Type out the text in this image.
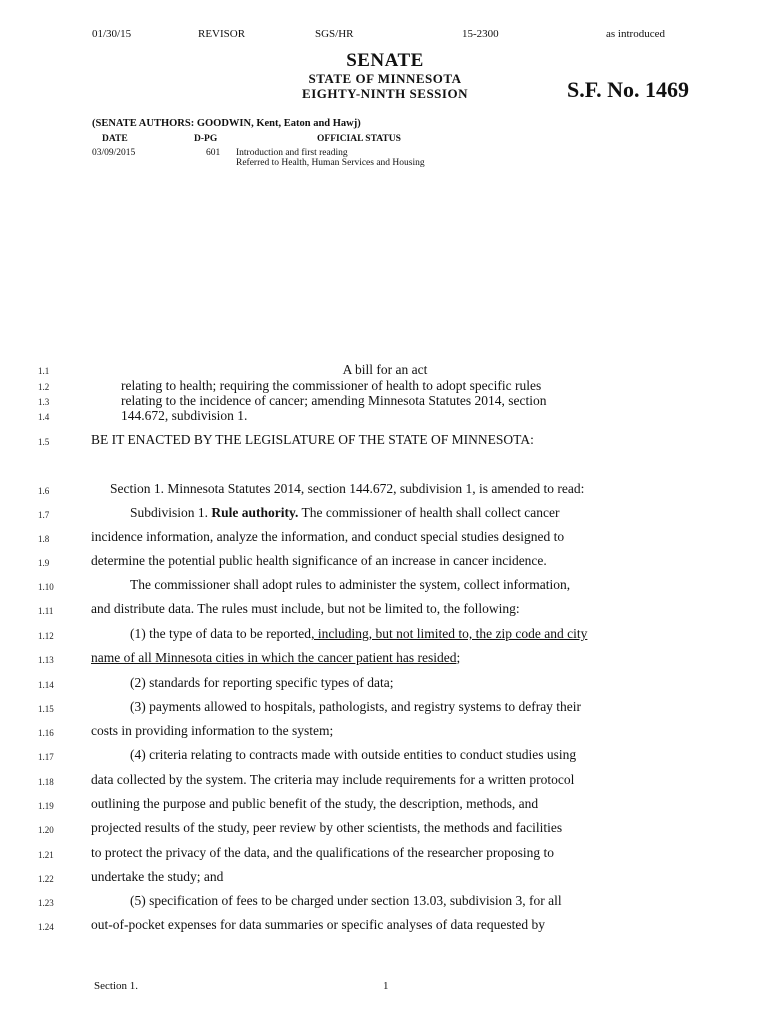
01/30/15	REVISOR	SGS/HR	15-2300	as introduced
SENATE
STATE OF MINNESOTA
EIGHTY-NINTH SESSION	S.F. No. 1469
(SENATE AUTHORS: GOODWIN, Kent, Eaton and Hawj)
DATE	D-PG	OFFICIAL STATUS
03/09/2015	601 Introduction and first reading
Referred to Health, Human Services and Housing
1.1	A bill for an act
1.2	relating to health; requiring the commissioner of health to adopt specific rules
1.3	relating to the incidence of cancer; amending Minnesota Statutes 2014, section
1.4	144.672, subdivision 1.
1.5	BE IT ENACTED BY THE LEGISLATURE OF THE STATE OF MINNESOTA:
1.6	Section 1. Minnesota Statutes 2014, section 144.672, subdivision 1, is amended to read:
1.7	Subdivision 1. Rule authority. The commissioner of health shall collect cancer
1.8	incidence information, analyze the information, and conduct special studies designed to
1.9	determine the potential public health significance of an increase in cancer incidence.
1.10	The commissioner shall adopt rules to administer the system, collect information,
1.11	and distribute data. The rules must include, but not be limited to, the following:
1.12	(1) the type of data to be reported, including, but not limited to, the zip code and city
1.13	name of all Minnesota cities in which the cancer patient has resided;
1.14	(2) standards for reporting specific types of data;
1.15	(3) payments allowed to hospitals, pathologists, and registry systems to defray their
1.16	costs in providing information to the system;
1.17	(4) criteria relating to contracts made with outside entities to conduct studies using
1.18	data collected by the system. The criteria may include requirements for a written protocol
1.19	outlining the purpose and public benefit of the study, the description, methods, and
1.20	projected results of the study, peer review by other scientists, the methods and facilities
1.21	to protect the privacy of the data, and the qualifications of the researcher proposing to
1.22	undertake the study; and
1.23	(5) specification of fees to be charged under section 13.03, subdivision 3, for all
1.24	out-of-pocket expenses for data summaries or specific analyses of data requested by
Section 1.	1
